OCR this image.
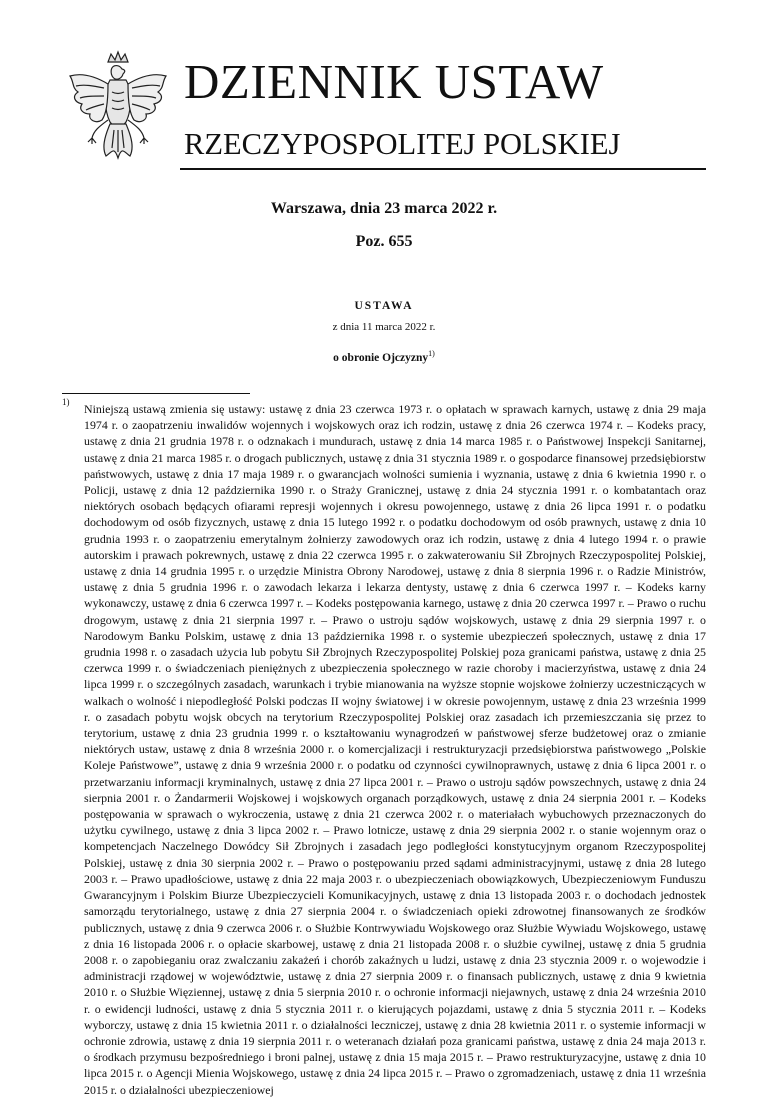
DZIENNIK USTAW
RZECZYPOSPOLITEJ POLSKIEJ
Warszawa, dnia 23 marca 2022 r.
Poz. 655
USTAWA
z dnia 11 marca 2022 r.
o obronie Ojczyzny$^{1)}$
1) Niniejszą ustawą zmienia się ustawy: ustawę z dnia 23 czerwca 1973 r. o opłatach w sprawach karnych, ustawę z dnia 29 maja 1974 r. o zaopatrzeniu inwalidów wojennych i wojskowych oraz ich rodzin, ustawę z dnia 26 czerwca 1974 r. – Kodeks pracy, ustawę z dnia 21 grudnia 1978 r. o odznakach i mundurach, ustawę z dnia 14 marca 1985 r. o Państwowej Inspekcji Sanitarnej, ustawę z dnia 21 marca 1985 r. o drogach publicznych, ustawę z dnia 31 stycznia 1989 r. o gospodarce finansowej przedsiębiorstw państwowych, ustawę z dnia 17 maja 1989 r. o gwarancjach wolności sumienia i wyznania, ustawę z dnia 6 kwietnia 1990 r. o Policji, ustawę z dnia 12 października 1990 r. o Straży Granicznej, ustawę z dnia 24 stycznia 1991 r. o kombatantach oraz niektórych osobach będących ofiarami represji wojennych i okresu powojennego, ustawę z dnia 26 lipca 1991 r. o podatku dochodowym od osób fizycznych, ustawę z dnia 15 lutego 1992 r. o podatku dochodowym od osób prawnych, ustawę z dnia 10 grudnia 1993 r. o zaopatrzeniu emerytalnym żołnierzy zawodowych oraz ich rodzin, ustawę z dnia 4 lutego 1994 r. o prawie autorskim i prawach pokrewnych, ustawę z dnia 22 czerwca 1995 r. o zakwaterowaniu Sił Zbrojnych Rzeczypospolitej Polskiej, ustawę z dnia 14 grudnia 1995 r. o urzędzie Ministra Obrony Narodowej, ustawę z dnia 8 sierpnia 1996 r. o Radzie Ministrów, ustawę z dnia 5 grudnia 1996 r. o zawodach lekarza i lekarza dentysty, ustawę z dnia 6 czerwca 1997 r. – Kodeks karny wykonawczy, ustawę z dnia 6 czerwca 1997 r. – Kodeks postępowania karnego, ustawę z dnia 20 czerwca 1997 r. – Prawo o ruchu drogowym, ustawę z dnia 21 sierpnia 1997 r. – Prawo o ustroju sądów wojskowych, ustawę z dnia 29 sierpnia 1997 r. o Narodowym Banku Polskim, ustawę z dnia 13 października 1998 r. o systemie ubezpieczeń społecznych, ustawę z dnia 17 grudnia 1998 r. o zasadach użycia lub pobytu Sił Zbrojnych Rzeczypospolitej Polskiej poza granicami państwa, ustawę z dnia 25 czerwca 1999 r. o świadczeniach pieniężnych z ubezpieczenia społecznego w razie choroby i macierzyństwa, ustawę z dnia 24 lipca 1999 r. o szczególnych zasadach, warunkach i trybie mianowania na wyższe stopnie wojskowe żołnierzy uczestniczących w walkach o wolność i niepodległość Polski podczas II wojny światowej i w okresie powojennym, ustawę z dnia 23 września 1999 r. o zasadach pobytu wojsk obcych na terytorium Rzeczypospolitej Polskiej oraz zasadach ich przemieszczania się przez to terytorium, ustawę z dnia 23 grudnia 1999 r. o kształtowaniu wynagrodzeń w państwowej sferze budżetowej oraz o zmianie niektórych ustaw, ustawę z dnia 8 września 2000 r. o komercjalizacji i restrukturyzacji przedsiębiorstwa państwowego „Polskie Koleje Państwowe”, ustawę z dnia 9 września 2000 r. o podatku od czynności cywilnoprawnych, ustawę z dnia 6 lipca 2001 r. o przetwarzaniu informacji kryminalnych, ustawę z dnia 27 lipca 2001 r. – Prawo o ustroju sądów powszechnych, ustawę z dnia 24 sierpnia 2001 r. o Żandarmerii Wojskowej i wojskowych organach porządkowych, ustawę z dnia 24 sierpnia 2001 r. – Kodeks postępowania w sprawach o wykroczenia, ustawę z dnia 21 czerwca 2002 r. o materiałach wybuchowych przeznaczonych do użytku cywilnego, ustawę z dnia 3 lipca 2002 r. – Prawo lotnicze, ustawę z dnia 29 sierpnia 2002 r. o stanie wojennym oraz o kompetencjach Naczelnego Dowódcy Sił Zbrojnych i zasadach jego podległości konstytucyjnym organom Rzeczypospolitej Polskiej, ustawę z dnia 30 sierpnia 2002 r. – Prawo o postępowaniu przed sądami administracyjnymi, ustawę z dnia 28 lutego 2003 r. – Prawo upadłościowe, ustawę z dnia 22 maja 2003 r. o ubezpieczeniach obowiązkowych, Ubezpieczeniowym Funduszu Gwarancyjnym i Polskim Biurze Ubezpieczycieli Komunikacyjnych, ustawę z dnia 13 listopada 2003 r. o dochodach jednostek samorządu terytorialnego, ustawę z dnia 27 sierpnia 2004 r. o świadczeniach opieki zdrowotnej finansowanych ze środków publicznych, ustawę z dnia 9 czerwca 2006 r. o Służbie Kontrwywiadu Wojskowego oraz Służbie Wywiadu Wojskowego, ustawę z dnia 16 listopada 2006 r. o opłacie skarbowej, ustawę z dnia 21 listopada 2008 r. o służbie cywilnej, ustawę z dnia 5 grudnia 2008 r. o zapobieganiu oraz zwalczaniu zakażeń i chorób zakaźnych u ludzi, ustawę z dnia 23 stycznia 2009 r. o wojewodzie i administracji rządowej w województwie, ustawę z dnia 27 sierpnia 2009 r. o finansach publicznych, ustawę z dnia 9 kwietnia 2010 r. o Służbie Więziennej, ustawę z dnia 5 sierpnia 2010 r. o ochronie informacji niejawnych, ustawę z dnia 24 września 2010 r. o ewidencji ludności, ustawę z dnia 5 stycznia 2011 r. o kierujących pojazdami, ustawę z dnia 5 stycznia 2011 r. – Kodeks wyborczy, ustawę z dnia 15 kwietnia 2011 r. o działalności leczniczej, ustawę z dnia 28 kwietnia 2011 r. o systemie informacji w ochronie zdrowia, ustawę z dnia 19 sierpnia 2011 r. o weteranach działań poza granicami państwa, ustawę z dnia 24 maja 2013 r. o środkach przymusu bezpośredniego i broni palnej, ustawę z dnia 15 maja 2015 r. – Prawo restrukturyzacyjne, ustawę z dnia 10 lipca 2015 r. o Agencji Mienia Wojskowego, ustawę z dnia 24 lipca 2015 r. – Prawo o zgromadzeniach, ustawę z dnia 11 września 2015 r. o działalności ubezpieczeniowej
